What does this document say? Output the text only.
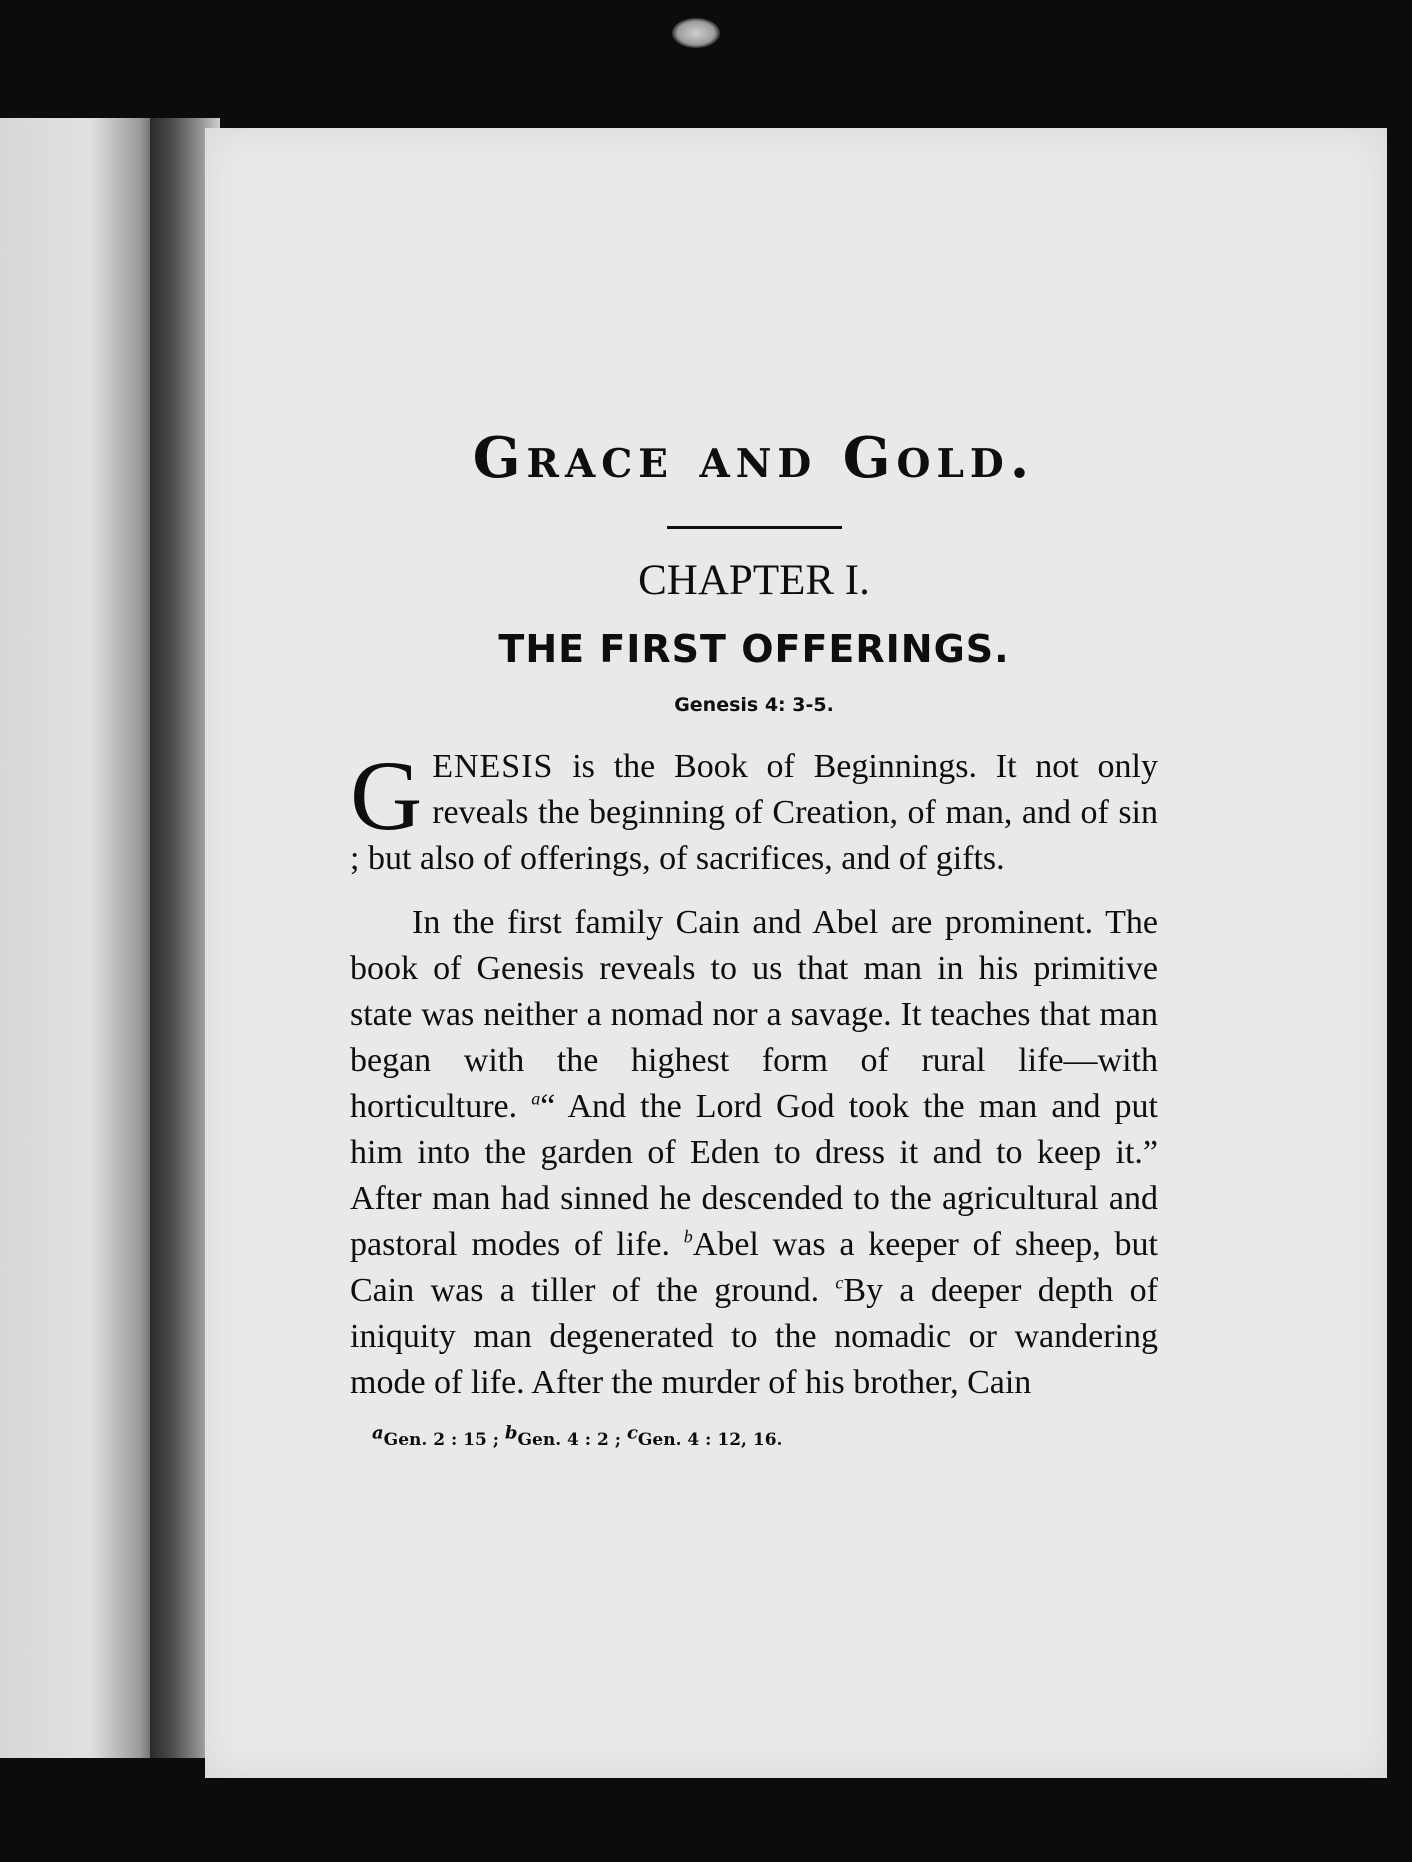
Grace and Gold.
CHAPTER I.
THE FIRST OFFERINGS.
Genesis 4: 3-5.

GENESIS is the Book of Beginnings. It not only reveals the beginning of Creation, of man, and of sin ; but also of offerings, of sacrifices, and of gifts.

In the first family Cain and Abel are prominent. The book of Genesis reveals to us that man in his primitive state was neither a nomad nor a savage. It teaches that man began with the highest form of rural life—with horticulture. $^a$“ And the Lord God took the man and put him into the garden of Eden to dress it and to keep it.” After man had sinned he descended to the agricultural and pastoral modes of life. $^b$Abel was a keeper of sheep, but Cain was a tiller of the ground. $^c$By a deeper depth of iniquity man degenerated to the nomadic or wandering mode of life. After the murder of his brother, Cain

$^a$Gen. 2 : 15 ; $^b$Gen. 4 : 2 ; $^c$Gen. 4 : 12, 16.
